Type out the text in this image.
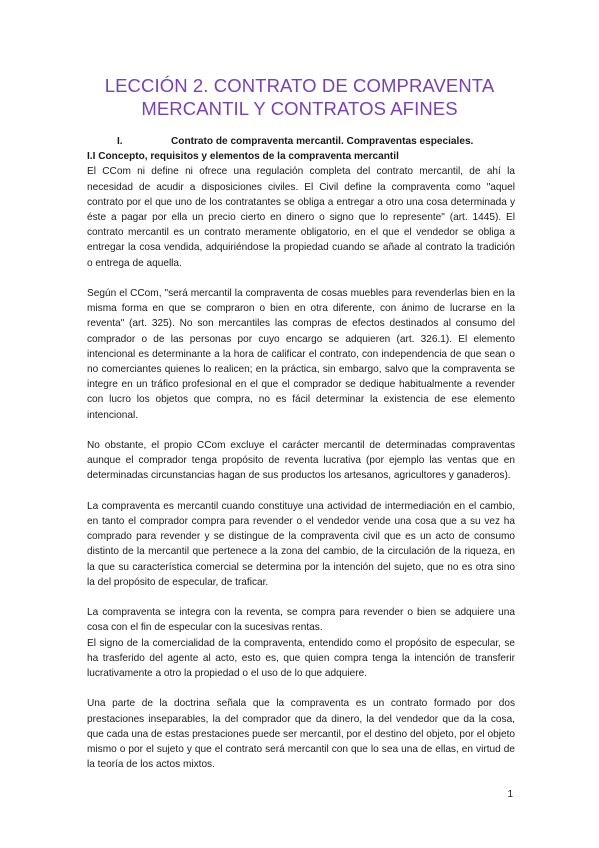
LECCIÓN 2. CONTRATO DE COMPRAVENTA
MERCANTIL Y CONTRATOS AFINES

I.	Contrato de compraventa mercantil. Compraventas especiales.

I.I Concepto, requisitos y elementos de la compraventa mercantil

El CCom ni define ni ofrece una regulación completa del contrato mercantil, de ahí la necesidad de acudir a disposiciones civiles. El Civil define la compraventa como "aquel contrato por el que uno de los contratantes se obliga a entregar a otro una cosa determinada y éste a pagar por ella un precio cierto en dinero o signo que lo represente" (art. 1445). El contrato mercantil es un contrato meramente obligatorio, en el que el vendedor se obliga a entregar la cosa vendida, adquiriéndose la propiedad cuando se añade al contrato la tradición o entrega de aquella.

Según el CCom, "será mercantil la compraventa de cosas muebles para revenderlas bien en la misma forma en que se compraron o bien en otra diferente, con ánimo de lucrarse en la reventa" (art. 325). No son mercantiles las compras de efectos destinados al consumo del comprador o de las personas por cuyo encargo se adquieren (art. 326.1). El elemento intencional es determinante a la hora de calificar el contrato, con independencia de que sean o no comerciantes quienes lo realicen; en la práctica, sin embargo, salvo que la compraventa se integre en un tráfico profesional en el que el comprador se dedique habitualmente a revender con lucro los objetos que compra, no es fácil determinar la existencia de ese elemento intencional.

No obstante, el propio CCom excluye el carácter mercantil de determinadas compraventas aunque el comprador tenga propósito de reventa lucrativa (por ejemplo las ventas que en determinadas circunstancias hagan de sus productos los artesanos, agricultores y ganaderos).

La compraventa es mercantil cuando constituye una actividad de intermediación en el cambio, en tanto el comprador compra para revender o el vendedor vende una cosa que a su vez ha comprado para revender y se distingue de la compraventa civil que es un acto de consumo distinto de la mercantil que pertenece a la zona del cambio, de la circulación de la riqueza, en la que su característica comercial se determina por la intención del sujeto, que no es otra sino la del propósito de especular, de traficar.

La compraventa se integra con la reventa, se compra para revender o bien se adquiere una cosa con el fin de especular con la sucesivas rentas.

El signo de la comercialidad de la compraventa, entendido como el propósito de especular, se ha trasferido del agente al acto, esto es, que quien compra tenga la intención de transferir lucrativamente a otro la propiedad o el uso de lo que adquiere.

Una parte de la doctrina señala que la compraventa es un contrato formado por dos prestaciones inseparables, la del comprador que da dinero, la del vendedor que da la cosa, que cada una de estas prestaciones puede ser mercantil, por el destino del objeto, por el objeto mismo o por el sujeto y que el contrato será mercantil con que lo sea una de ellas, en virtud de la teoría de los actos mixtos.

1
